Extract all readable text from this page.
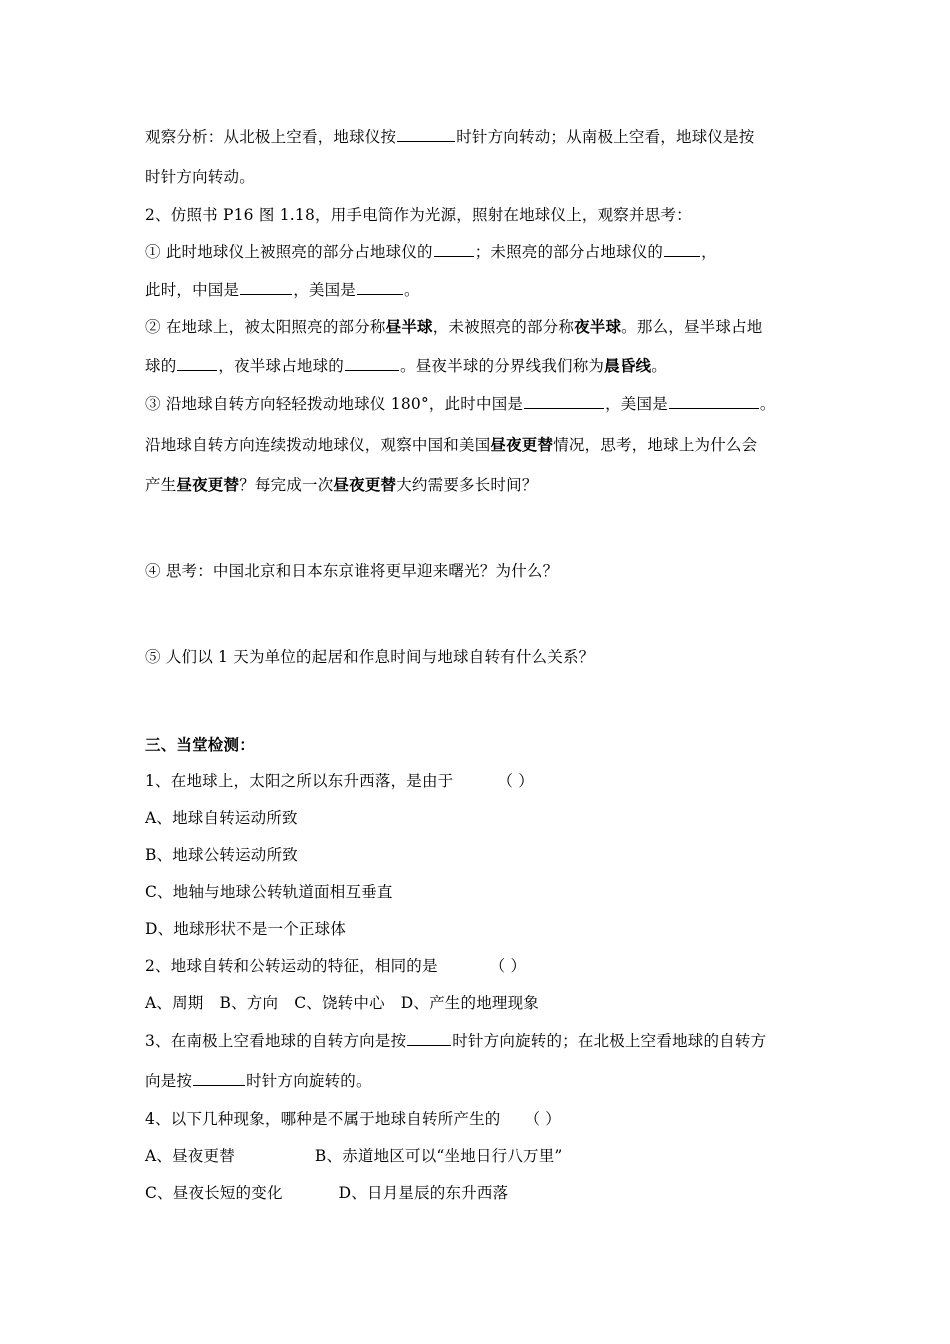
观察分析：从北极上空看，地球仪按	时针方向转动；从南极上空看，地球仪是按
时针方向转动。
2、仿照书 P16 图 1.18，用手电筒作为光源，照射在地球仪上，观察并思考：
① 此时地球仪上被照亮的部分占地球仪的	；未照亮的部分占地球仪的 ，
此时，中国是	，美国是	。
② 在地球上，被太阳照亮的部分称昼半球，未被照亮的部分称夜半球。那么，昼半球占地
球的	，夜半球占地球的	。昼夜半球的分界线我们称为晨昏线。
③ 沿地球自转方向轻轻拨动地球仪 180°，此时中国是	，美国是	。
沿地球自转方向连续拨动地球仪，观察中国和美国昼夜更替情况，思考，地球上为什么会
产生昼夜更替？每完成一次昼夜更替大约需要多长时间？
④ 思考：中国北京和日本东京谁将更早迎来曙光？为什么？
⑤ 人们以 1 天为单位的起居和作息时间与地球自转有什么关系？
三、当堂检测：
1、在地球上，太阳之所以东升西落，是由于	（ ）
A、地球自转运动所致
B、地球公转运动所致
C、地轴与地球公转轨道面相互垂直
D、地球形状不是一个正球体
2、地球自转和公转运动的特征，相同的是	（ ）
A、周期 B、方向 C、饶转中心 D、产生的地理现象
3、在南极上空看地球的自转方向是按	时针方向旋转的；在北极上空看地球的自转方
向是按	时针方向旋转的。
4、以下几种现象，哪种是不属于地球自转所产生的 （ ）
A、昼夜更替	B、赤道地区可以“坐地日行八万里”
C、昼夜长短的变化	D、日月星辰的东升西落
